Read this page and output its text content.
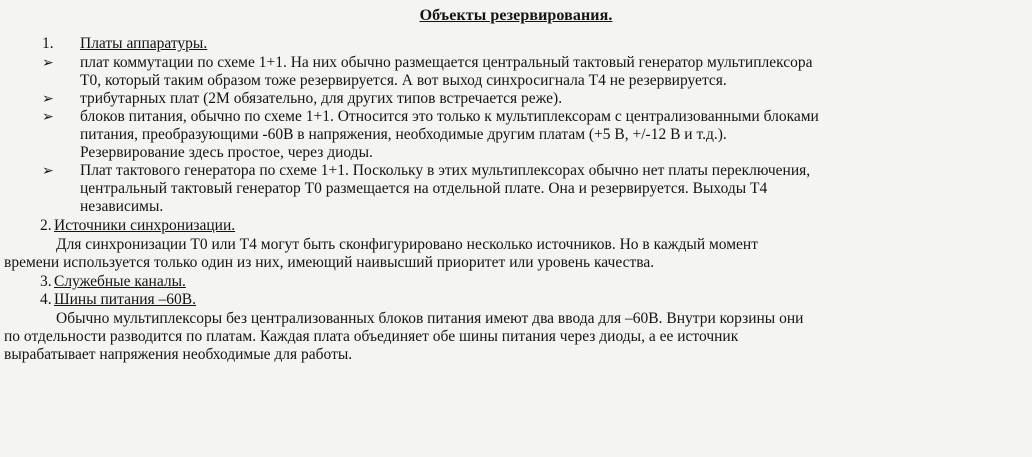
Объекты резервирования.
1. Платы аппаратуры.
➢ плат коммутации по схеме 1+1. На них обычно размещается центральный тактовый генератор мультиплексора
Т0, который таким образом тоже резервируется. А вот выход синхросигнала Т4 не резервируется.
➢ трибутарных плат (2М обязательно, для других типов встречается реже).
➢ блоков питания, обычно по схеме 1+1. Относится это только к мультиплексорам с централизованными блоками
питания, преобразующими -60В в напряжения, необходимые другим платам (+5 В, +/-12 В и т.д.).
Резервирование здесь простое, через диоды.
➢ Плат тактового генератора по схеме 1+1. Поскольку в этих мультиплексорах обычно нет платы переключения,
центральный тактовый генератор Т0 размещается на отдельной плате. Она и резервируется. Выходы Т4
независимы.
2. Источники синхронизации.
Для синхронизации Т0 или Т4 могут быть сконфигурировано несколько источников. Но в каждый момент
времени используется только один из них, имеющий наивысший приоритет или уровень качества.
3. Служебные каналы.
4. Шины питания –60В.
Обычно мультиплексоры без централизованных блоков питания имеют два ввода для –60В. Внутри корзины они
по отдельности разводится по платам. Каждая плата объединяет обе шины питания через диоды, а ее источник
вырабатывает напряжения необходимые для работы.
